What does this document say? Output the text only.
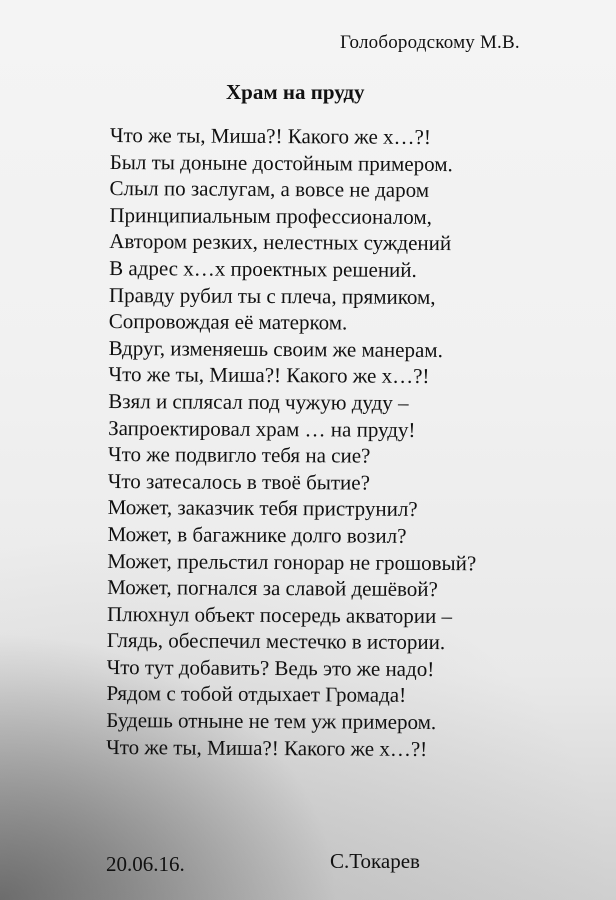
Голобородскому М.В.
Храм на пруду
Что же ты, Миша?! Какого же х…?!
Был ты доныне достойным примером.
Слыл по заслугам, а вовсе не даром
Принципиальным профессионалом,
Автором резких, нелестных суждений
В адрес х…х проектных решений.
Правду рубил ты с плеча, прямиком,
Сопровождая её матерком.
Вдруг, изменяешь своим же манерам.
Что же ты, Миша?! Какого же х…?!
Взял и сплясал под чужую дуду –
Запроектировал храм … на пруду!
Что же подвигло тебя на сие?
Что затесалось в твоё бытие?
Может, заказчик тебя приструнил?
Может, в багажнике долго возил?
Может, прельстил гонорар не грошовый?
Может, погнался за славой дешёвой?
Плюхнул объект посередь акватории –
Глядь, обеспечил местечко в истории.
Что тут добавить? Ведь это же надо!
Рядом с тобой отдыхает Громада!
Будешь отныне не тем уж примером.
Что же ты, Миша?! Какого же х…?!
20.06.16.	С.Токарев
